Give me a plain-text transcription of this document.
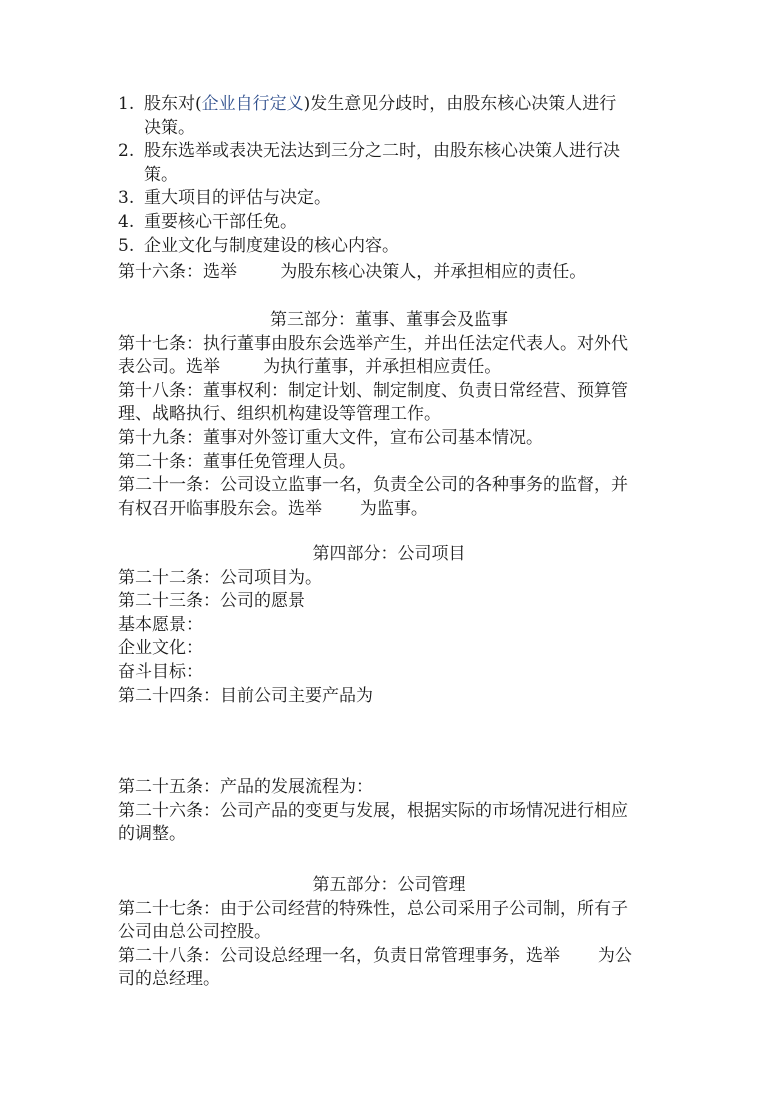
1. 股东对(企业自行定义)发生意见分歧时，由股东核心决策人进行
决策。
2. 股东选举或表决无法达到三分之二时，由股东核心决策人进行决
策。
3. 重大项目的评估与决定。
4. 重要核心干部任免。
5. 企业文化与制度建设的核心内容。
第十六条：选举        为股东核心决策人，并承担相应的责任。
第三部分：董事、董事会及监事
第十七条：执行董事由股东会选举产生，并出任法定代表人。对外代
表公司。选举        为执行董事，并承担相应责任。
第十八条：董事权利：制定计划、制定制度、负责日常经营、预算管
理、战略执行、组织机构建设等管理工作。
第十九条：董事对外签订重大文件，宣布公司基本情况。
第二十条：董事任免管理人员。
第二十一条：公司设立监事一名，负责全公司的各种事务的监督，并
有权召开临事股东会。选举       为监事。
第四部分：公司项目
第二十二条：公司项目为。
第二十三条：公司的愿景
基本愿景：
企业文化：
奋斗目标：
第二十四条：目前公司主要产品为
第二十五条：产品的发展流程为：
第二十六条：公司产品的变更与发展，根据实际的市场情况进行相应
的调整。
第五部分：公司管理
第二十七条：由于公司经营的特殊性，总公司采用子公司制，所有子
公司由总公司控股。
第二十八条：公司设总经理一名，负责日常管理事务，选举       为公
司的总经理。
